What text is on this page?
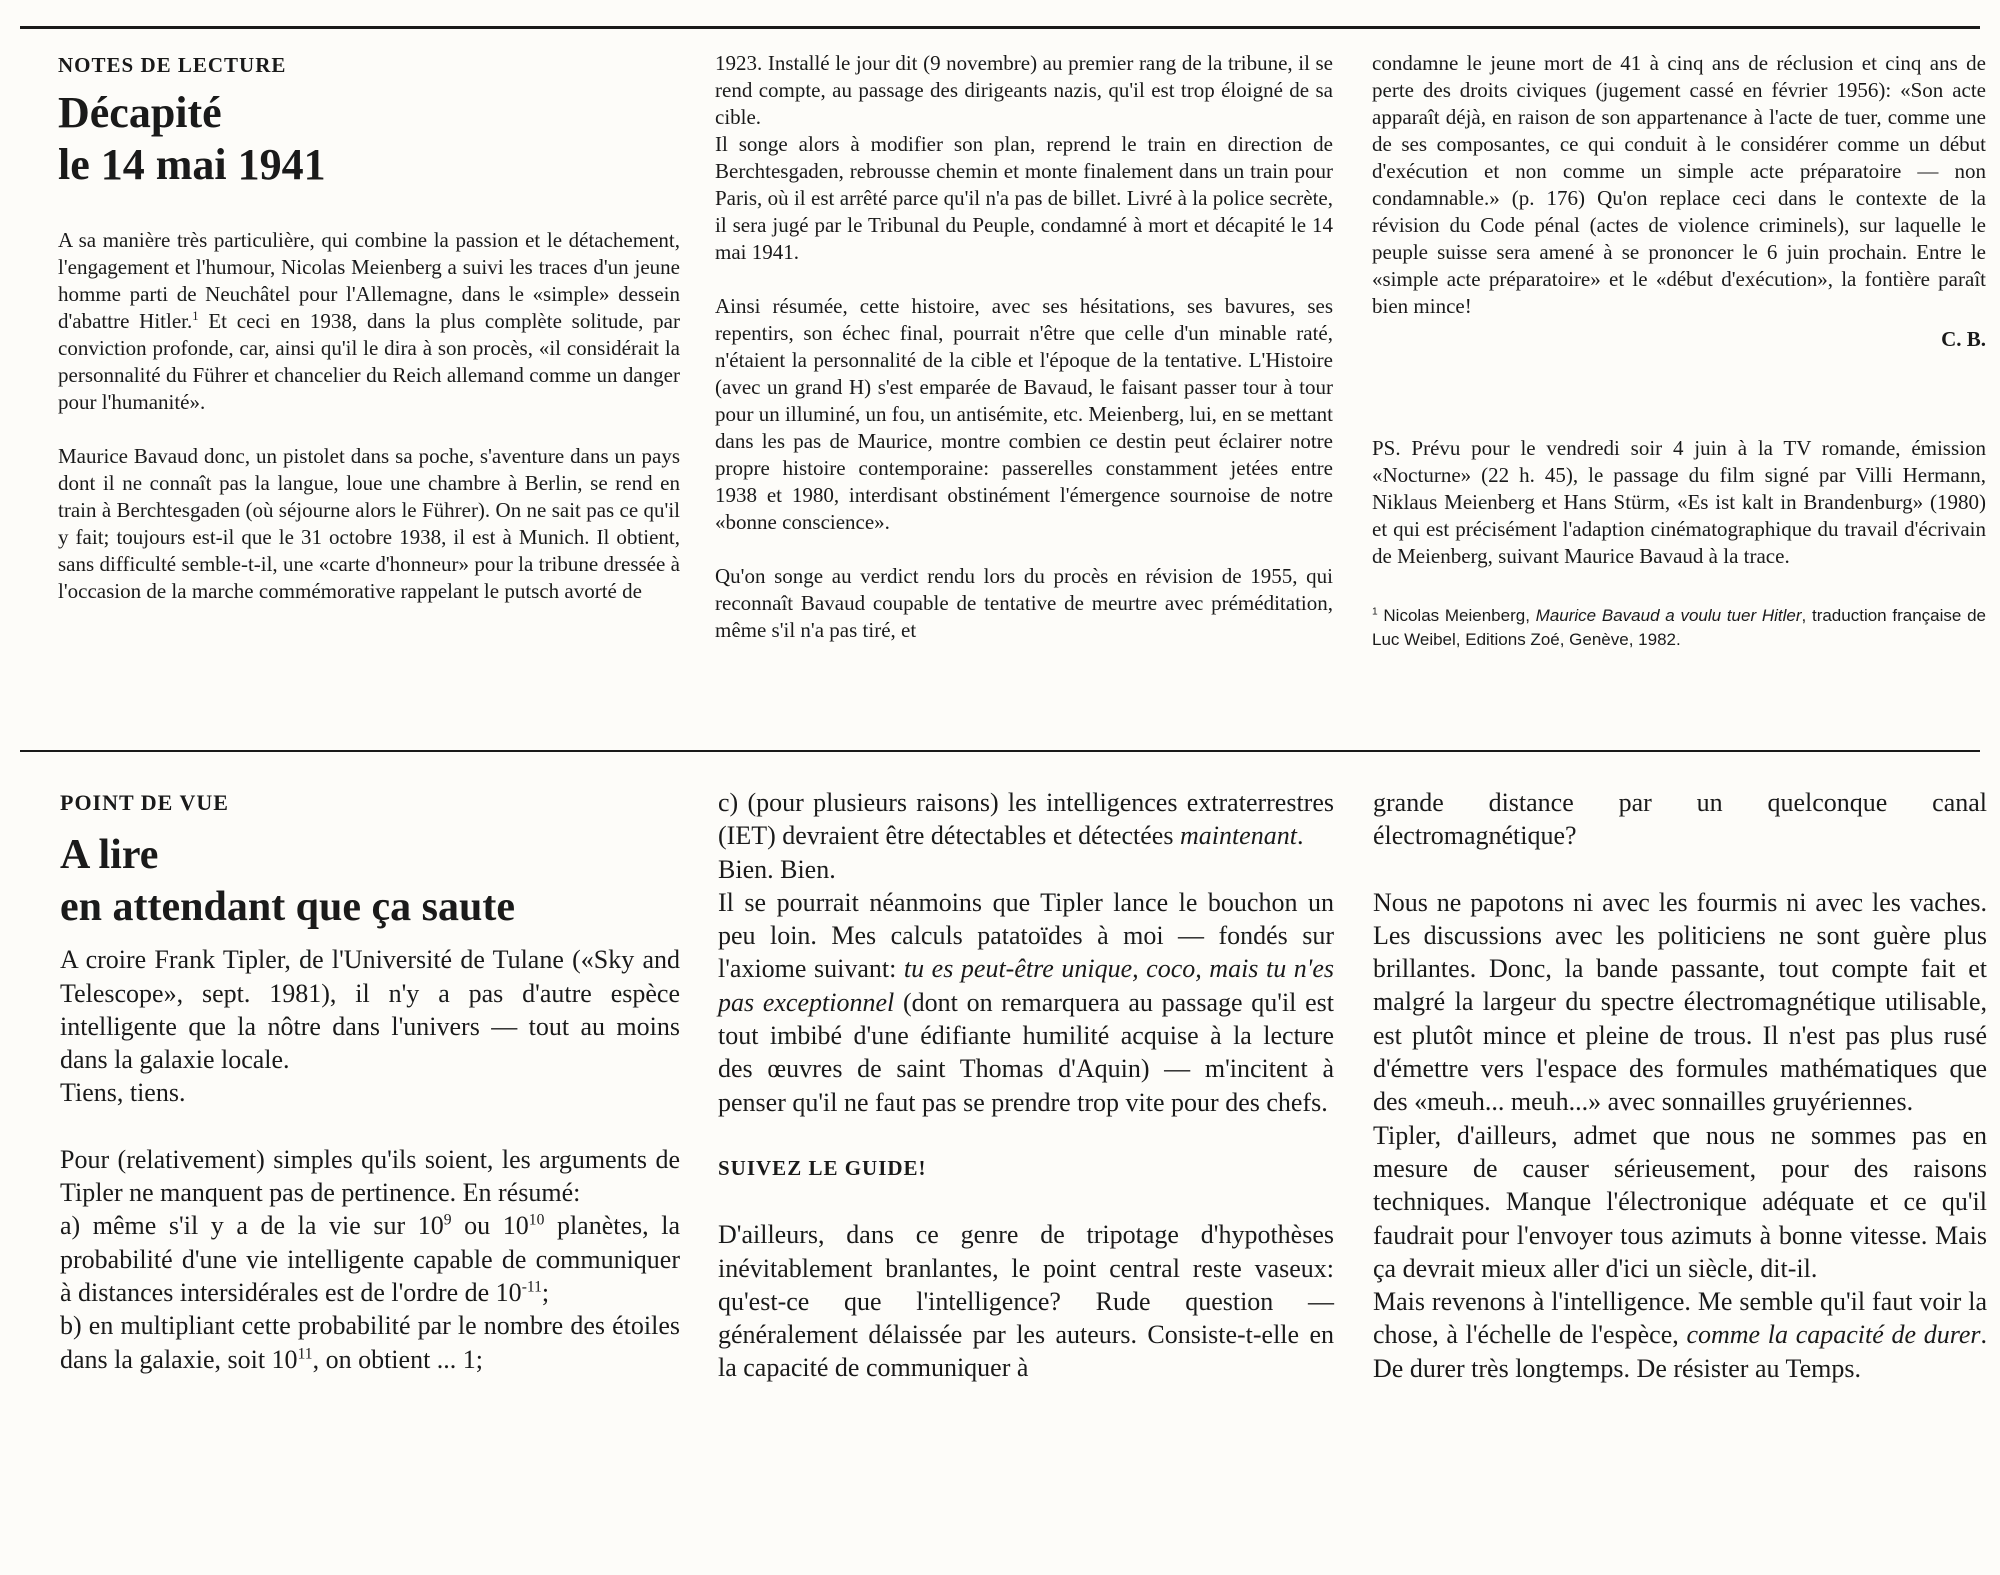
NOTES DE LECTURE
Décapité
le 14 mai 1941

A sa manière très particulière, qui combine la passion et le détachement, l'engagement et l'humour, Nicolas Meienberg a suivi les traces d'un jeune homme parti de Neuchâtel pour l'Allemagne, dans le «simple» dessein d'abattre Hitler.$^1$ Et ceci en 1938, dans la plus complète solitude, par conviction profonde, car, ainsi qu'il le dira à son procès, «il considérait la personnalité du Führer et chancelier du Reich allemand comme un danger pour l'humanité».

Maurice Bavaud donc, un pistolet dans sa poche, s'aventure dans un pays dont il ne connaît pas la langue, loue une chambre à Berlin, se rend en train à Berchtesgaden (où séjourne alors le Führer). On ne sait pas ce qu'il y fait; toujours est-il que le 31 octobre 1938, il est à Munich. Il obtient, sans difficulté semble-t-il, une «carte d'honneur» pour la tribune dressée à l'occasion de la marche commémorative rappelant le putsch avorté de

1923. Installé le jour dit (9 novembre) au premier rang de la tribune, il se rend compte, au passage des dirigeants nazis, qu'il est trop éloigné de sa cible.

Il songe alors à modifier son plan, reprend le train en direction de Berchtesgaden, rebrousse chemin et monte finalement dans un train pour Paris, où il est arrêté parce qu'il n'a pas de billet. Livré à la police secrète, il sera jugé par le Tribunal du Peuple, condamné à mort et décapité le 14 mai 1941.

Ainsi résumée, cette histoire, avec ses hésitations, ses bavures, ses repentirs, son échec final, pourrait n'être que celle d'un minable raté, n'étaient la personnalité de la cible et l'époque de la tentative. L'Histoire (avec un grand H) s'est emparée de Bavaud, le faisant passer tour à tour pour un illuminé, un fou, un antisémite, etc. Meienberg, lui, en se mettant dans les pas de Maurice, montre combien ce destin peut éclairer notre propre histoire contemporaine: passerelles constamment jetées entre 1938 et 1980, interdisant obstinément l'émergence sournoise de notre «bonne conscience».

Qu'on songe au verdict rendu lors du procès en révision de 1955, qui reconnaît Bavaud coupable de tentative de meurtre avec préméditation, même s'il n'a pas tiré, et

condamne le jeune mort de 41 à cinq ans de réclusion et cinq ans de perte des droits civiques (jugement cassé en février 1956): «Son acte apparaît déjà, en raison de son appartenance à l'acte de tuer, comme une de ses composantes, ce qui conduit à le considérer comme un début d'exécution et non comme un simple acte préparatoire — non condamnable.» (p. 176) Qu'on replace ceci dans le contexte de la révision du Code pénal (actes de violence criminels), sur laquelle le peuple suisse sera amené à se prononcer le 6 juin prochain. Entre le «simple acte préparatoire» et le «début d'exécution», la fontière paraît bien mince!

C. B.

PS. Prévu pour le vendredi soir 4 juin à la TV romande, émission «Nocturne» (22 h. 45), le passage du film signé par Villi Hermann, Niklaus Meienberg et Hans Stürm, «Es ist kalt in Brandenburg» (1980) et qui est précisément l'adaption cinématographique du travail d'écrivain de Meienberg, suivant Maurice Bavaud à la trace.

$^1$ Nicolas Meienberg, Maurice Bavaud a voulu tuer Hitler, traduction française de Luc Weibel, Editions Zoé, Genève, 1982.

POINT DE VUE
A lire
en attendant que ça saute

A croire Frank Tipler, de l'Université de Tulane («Sky and Telescope», sept. 1981), il n'y a pas d'autre espèce intelligente que la nôtre dans l'univers — tout au moins dans la galaxie locale.

Tiens, tiens.

Pour (relativement) simples qu'ils soient, les arguments de Tipler ne manquent pas de pertinence. En résumé:

a) même s'il y a de la vie sur $10^9$ ou $10^{10}$ planètes, la probabilité d'une vie intelligente capable de communiquer à distances intersidérales est de l'ordre de $10^{-11}$;

b) en multipliant cette probabilité par le nombre des étoiles dans la galaxie, soit $10^{11}$, on obtient ... 1;

c) (pour plusieurs raisons) les intelligences extraterrestres (IET) devraient être détectables et détectées maintenant.

Bien. Bien.

Il se pourrait néanmoins que Tipler lance le bouchon un peu loin. Mes calculs patatoïdes à moi — fondés sur l'axiome suivant: tu es peut-être unique, coco, mais tu n'es pas exceptionnel (dont on remarquera au passage qu'il est tout imbibé d'une édifiante humilité acquise à la lecture des œuvres de saint Thomas d'Aquin) — m'incitent à penser qu'il ne faut pas se prendre trop vite pour des chefs.

SUIVEZ LE GUIDE!

D'ailleurs, dans ce genre de tripotage d'hypothèses inévitablement branlantes, le point central reste vaseux: qu'est-ce que l'intelligence? Rude question — généralement délaissée par les auteurs. Consiste-t-elle en la capacité de communiquer à

grande distance par un quelconque canal électromagnétique?

Nous ne papotons ni avec les fourmis ni avec les vaches. Les discussions avec les politiciens ne sont guère plus brillantes. Donc, la bande passante, tout compte fait et malgré la largeur du spectre électromagnétique utilisable, est plutôt mince et pleine de trous. Il n'est pas plus rusé d'émettre vers l'espace des formules mathématiques que des «meuh... meuh...» avec sonnailles gruyériennes.

Tipler, d'ailleurs, admet que nous ne sommes pas en mesure de causer sérieusement, pour des raisons techniques. Manque l'électronique adéquate et ce qu'il faudrait pour l'envoyer tous azimuts à bonne vitesse. Mais ça devrait mieux aller d'ici un siècle, dit-il.

Mais revenons à l'intelligence. Me semble qu'il faut voir la chose, à l'échelle de l'espèce, comme la capacité de durer. De durer très longtemps. De résister au Temps.
